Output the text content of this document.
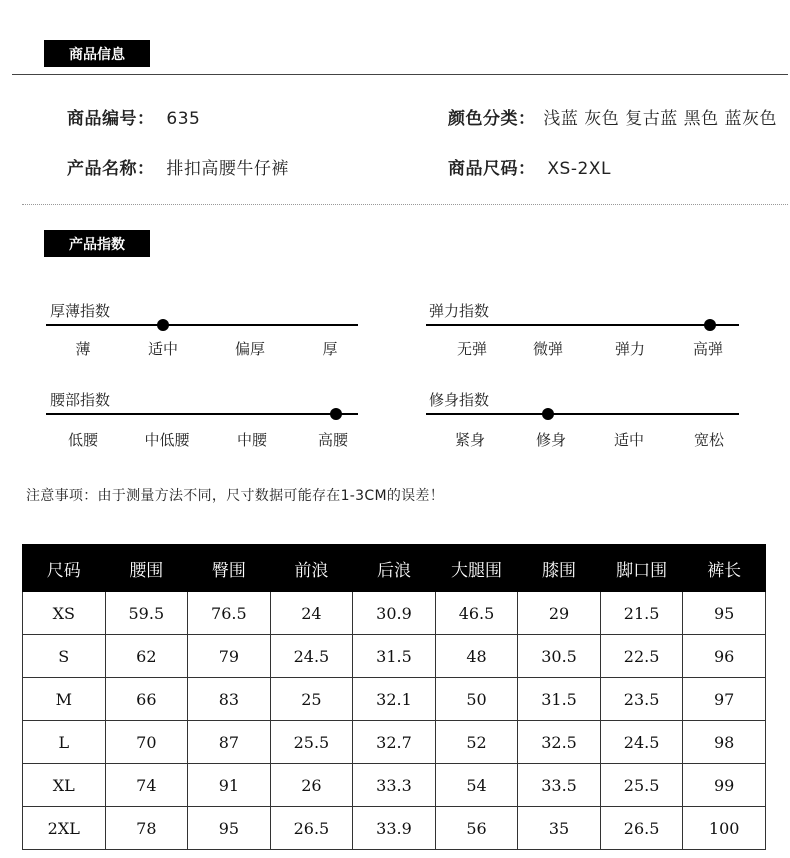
商品信息
商品编号： 635
产品名称： 排扣高腰牛仔裤
颜色分类： 浅蓝 灰色 复古蓝 黑色 蓝灰色
商品尺码： XS-2XL
产品指数
厚薄指数
薄	适中	偏厚	厚
弹力指数
无弹	微弹	弹力	高弹
腰部指数
低腰	中低腰	中腰	高腰
修身指数
紧身	修身	适中	宽松
注意事项：由于测量方法不同，尺寸数据可能存在1-3CM的误差！
尺码	腰围	臀围	前浪	后浪	大腿围	膝围	脚口围	裤长
XS	59.5	76.5	24	30.9	46.5	29	21.5	95
S	62	79	24.5	31.5	48	30.5	22.5	96
M	66	83	25	32.1	50	31.5	23.5	97
L	70	87	25.5	32.7	52	32.5	24.5	98
XL	74	91	26	33.3	54	33.5	25.5	99
2XL	78	95	26.5	33.9	56	35	26.5	100
